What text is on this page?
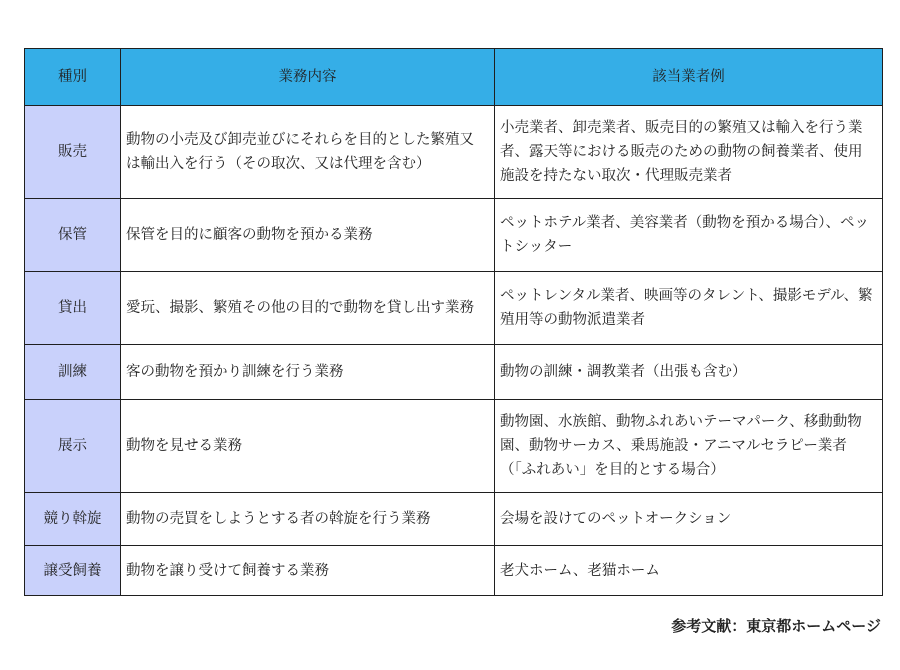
種別	業務内容	該当業者例
販売	動物の小売及び卸売並びにそれらを目的とした繁殖又は輸出入を行う（その取次、又は代理を含む）	小売業者、卸売業者、販売目的の繁殖又は輸入を行う業者、露天等における販売のための動物の飼養業者、使用施設を持たない取次・代理販売業者
保管	保管を目的に顧客の動物を預かる業務	ペットホテル業者、美容業者（動物を預かる場合）、ペットシッター
貸出	愛玩、撮影、繁殖その他の目的で動物を貸し出す業務	ペットレンタル業者、映画等のタレント、撮影モデル、繁殖用等の動物派遣業者
訓練	客の動物を預かり訓練を行う業務	動物の訓練・調教業者（出張も含む）
展示	動物を見せる業務	動物園、水族館、動物ふれあいテーマパーク、移動動物園、動物サーカス、乗馬施設・アニマルセラピー業者（「ふれあい」を目的とする場合）
競り斡旋	動物の売買をしようとする者の斡旋を行う業務	会場を設けてのペットオークション
譲受飼養	動物を譲り受けて飼養する業務	老犬ホーム、老猫ホーム
参考文献：東京都ホームページ
